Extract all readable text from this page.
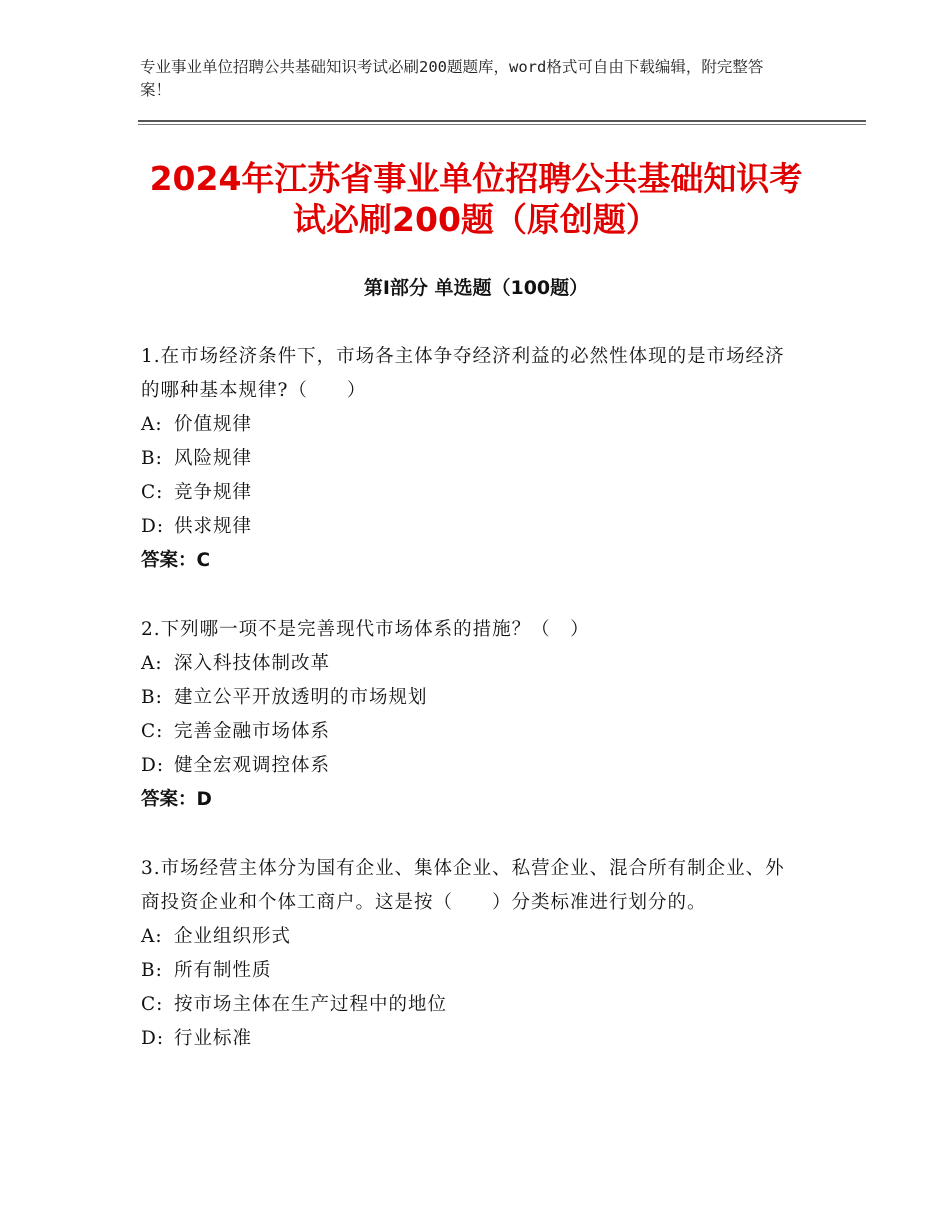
专业事业单位招聘公共基础知识考试必刷200题题库，word格式可自由下载编辑，附完整答案！
2024年江苏省事业单位招聘公共基础知识考试必刷200题（原创题）
第Ⅰ部分 单选题（100题）

1.在市场经济条件下，市场各主体争夺经济利益的必然性体现的是市场经济的哪种基本规律?（　　）

A: 价值规律

B: 风险规律

C: 竞争规律

D: 供求规律

答案：C

2.下列哪一项不是完善现代市场体系的措施？（　）

A: 深入科技体制改革

B: 建立公平开放透明的市场规划

C: 完善金融市场体系

D: 健全宏观调控体系

答案：D

3.市场经营主体分为国有企业、集体企业、私营企业、混合所有制企业、外商投资企业和个体工商户。这是按（　　）分类标准进行划分的。

A: 企业组织形式

B: 所有制性质

C: 按市场主体在生产过程中的地位

D: 行业标准
